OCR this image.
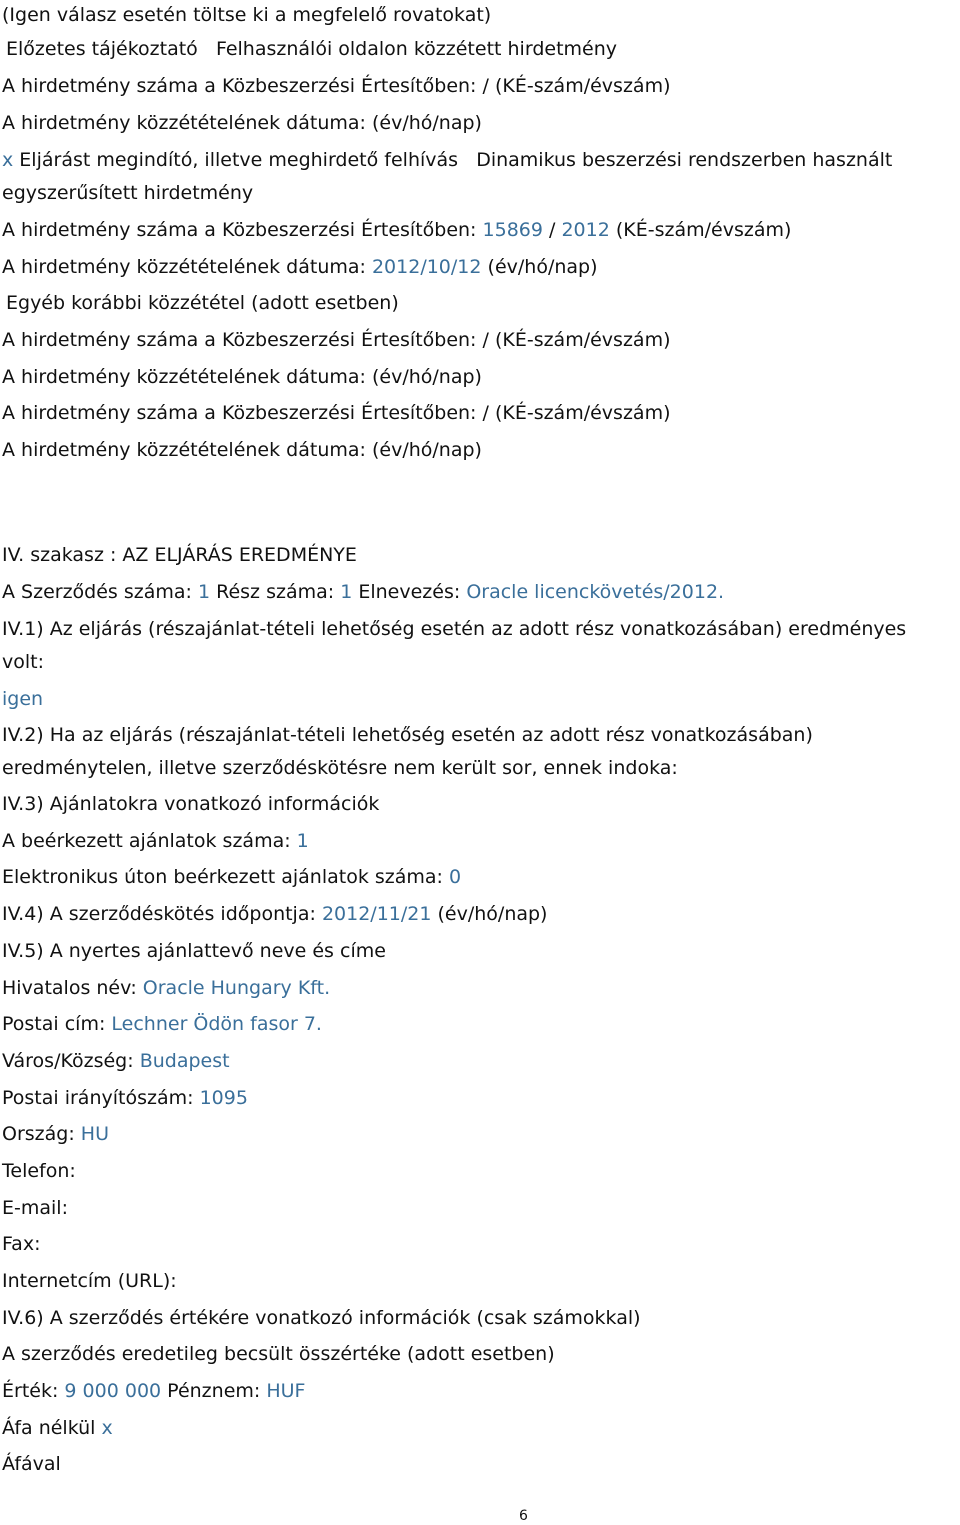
(Igen válasz esetén töltse ki a megfelelő rovatokat)

Előzetes tájékoztató Felhasználói oldalon közzétett hirdetmény

A hirdetmény száma a Közbeszerzési Értesítőben: / (KÉ-szám/évszám)

A hirdetmény közzétételének dátuma: (év/hó/nap)

x Eljárást megindító, illetve meghirdető felhívás Dinamikus beszerzési rendszerben használt

egyszerűsített hirdetmény

A hirdetmény száma a Közbeszerzési Értesítőben: 15869 / 2012 (KÉ-szám/évszám)

A hirdetmény közzétételének dátuma: 2012/10/12 (év/hó/nap)

Egyéb korábbi közzététel (adott esetben)

A hirdetmény száma a Közbeszerzési Értesítőben: / (KÉ-szám/évszám)

A hirdetmény közzétételének dátuma: (év/hó/nap)

A hirdetmény száma a Közbeszerzési Értesítőben: / (KÉ-szám/évszám)

A hirdetmény közzétételének dátuma: (év/hó/nap)

IV. szakasz : AZ ELJÁRÁS EREDMÉNYE

A Szerződés száma: 1 Rész száma: 1 Elnevezés: Oracle licenckövetés/2012.

IV.1) Az eljárás (részajánlat-tételi lehetőség esetén az adott rész vonatkozásában) eredményes

volt:

igen

IV.2) Ha az eljárás (részajánlat-tételi lehetőség esetén az adott rész vonatkozásában)

eredménytelen, illetve szerződéskötésre nem került sor, ennek indoka:

IV.3) Ajánlatokra vonatkozó információk

A beérkezett ajánlatok száma: 1

Elektronikus úton beérkezett ajánlatok száma: 0

IV.4) A szerződéskötés időpontja: 2012/11/21 (év/hó/nap)

IV.5) A nyertes ajánlattevő neve és címe

Hivatalos név: Oracle Hungary Kft.

Postai cím: Lechner Ödön fasor 7.

Város/Község: Budapest

Postai irányítószám: 1095

Ország: HU

Telefon:

E-mail:

Fax:

Internetcím (URL):

IV.6) A szerződés értékére vonatkozó információk (csak számokkal)

A szerződés eredetileg becsült összértéke (adott esetben)

Érték: 9 000 000 Pénznem: HUF

Áfa nélkül x

Áfával

6
